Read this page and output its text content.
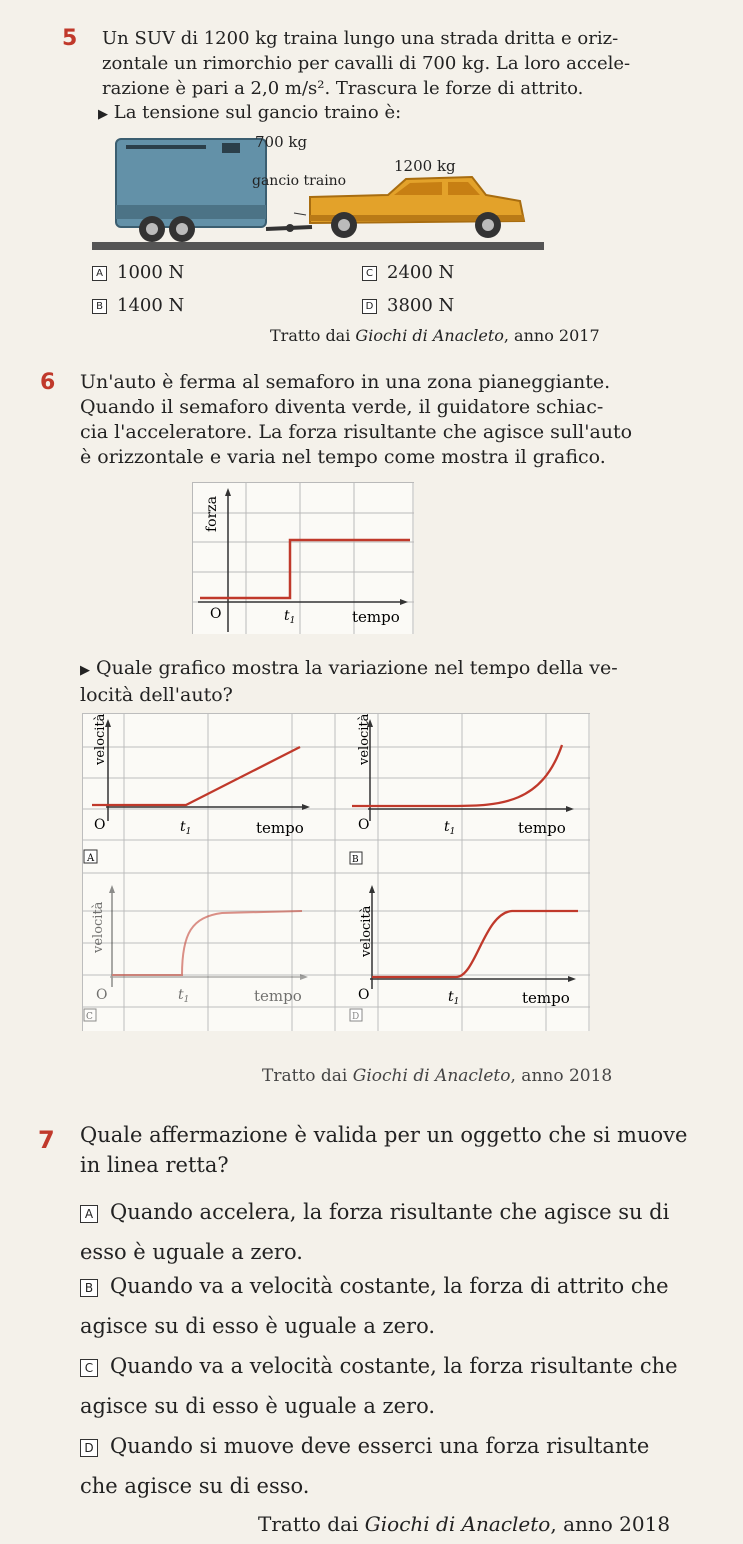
5 Un SUV di 1200 kg traina lungo una strada dritta e oriz-
zontale un rimorchio per cavalli di 700 kg. La loro accele-
razione è pari a 2,0 m/s². Trascura le forze di attrito.
▶ La tensione sul gancio traino è:
700 kg
gancio traino
1200 kg
A 1000 N	C 2400 N
B 1400 N	D 3800 N
Tratto dai Giochi di Anacleto, anno 2017
6 Un'auto è ferma al semaforo in una zona pianeggiante.
Quando il semaforo diventa verde, il guidatore schiac-
cia l'acceleratore. La forza risultante che agisce sull'auto
è orizzontale e varia nel tempo come mostra il grafico.
forza
O	$t_1$	tempo
▶ Quale grafico mostra la variazione nel tempo della ve-
locità dell'auto?
velocità
O	$t_1$	tempo
A
velocità
O	$t_1$	tempo
B
velocità
O	$t_1$	tempo
C
velocità
O	$t_1$	tempo
D
Tratto dai Giochi di Anacleto, anno 2018
7 Quale affermazione è valida per un oggetto che si muove
in linea retta?
A Quando accelera, la forza risultante che agisce su di
esso è uguale a zero.
B Quando va a velocità costante, la forza di attrito che
agisce su di esso è uguale a zero.
C Quando va a velocità costante, la forza risultante che
agisce su di esso è uguale a zero.
D Quando si muove deve esserci una forza risultante
che agisce su di esso.
Tratto dai Giochi di Anacleto, anno 2018
